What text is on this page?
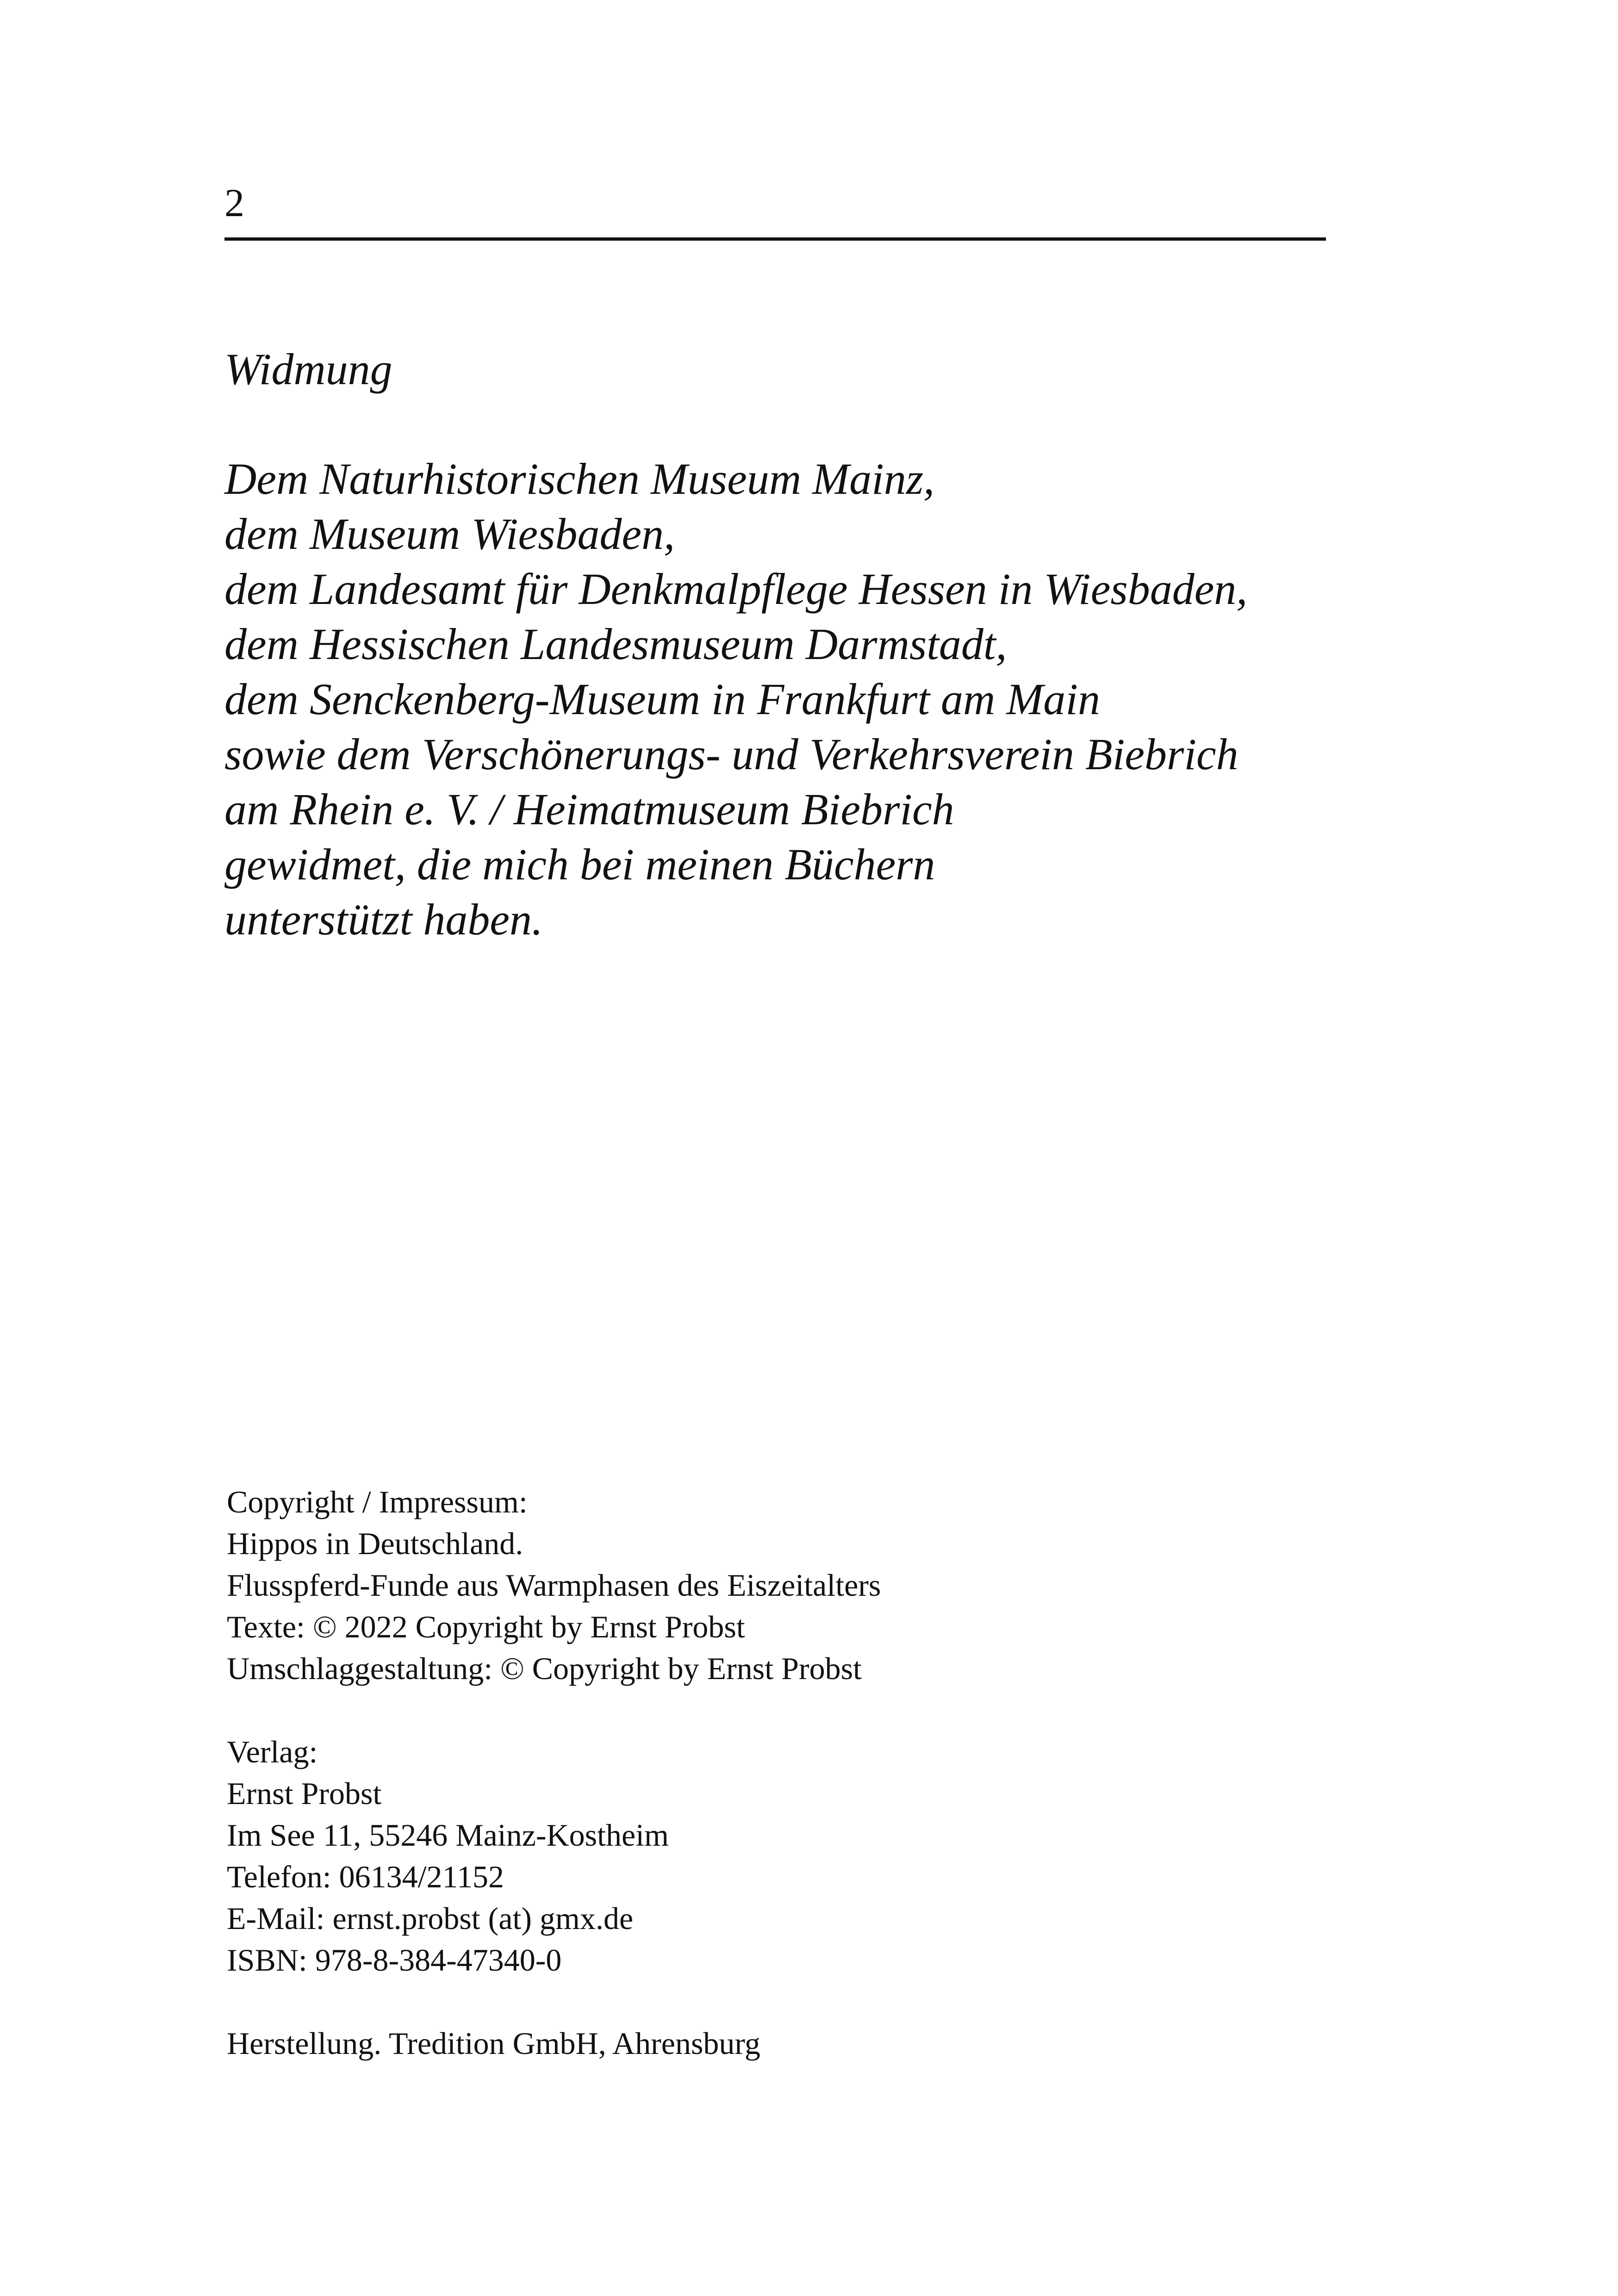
2
Widmung
Dem Naturhistorischen Museum Mainz,
dem Museum Wiesbaden,
dem Landesamt für Denkmalpflege Hessen in Wiesbaden,
dem Hessischen Landesmuseum Darmstadt,
dem Senckenberg-Museum in Frankfurt am Main
sowie dem Verschönerungs- und Verkehrsverein Biebrich
am Rhein e. V. / Heimatmuseum Biebrich
gewidmet, die mich bei meinen Büchern
unterstützt haben.
Copyright / Impressum:
Hippos in Deutschland.
Flusspferd-Funde aus Warmphasen des Eiszeitalters
Texte: © 2022 Copyright by Ernst Probst
Umschlaggestaltung: © Copyright by Ernst Probst
Verlag:
Ernst Probst
Im See 11, 55246 Mainz-Kostheim
Telefon: 06134/21152
E-Mail: ernst.probst (at) gmx.de
ISBN: 978-8-384-47340-0
Herstellung. Tredition GmbH, Ahrensburg
